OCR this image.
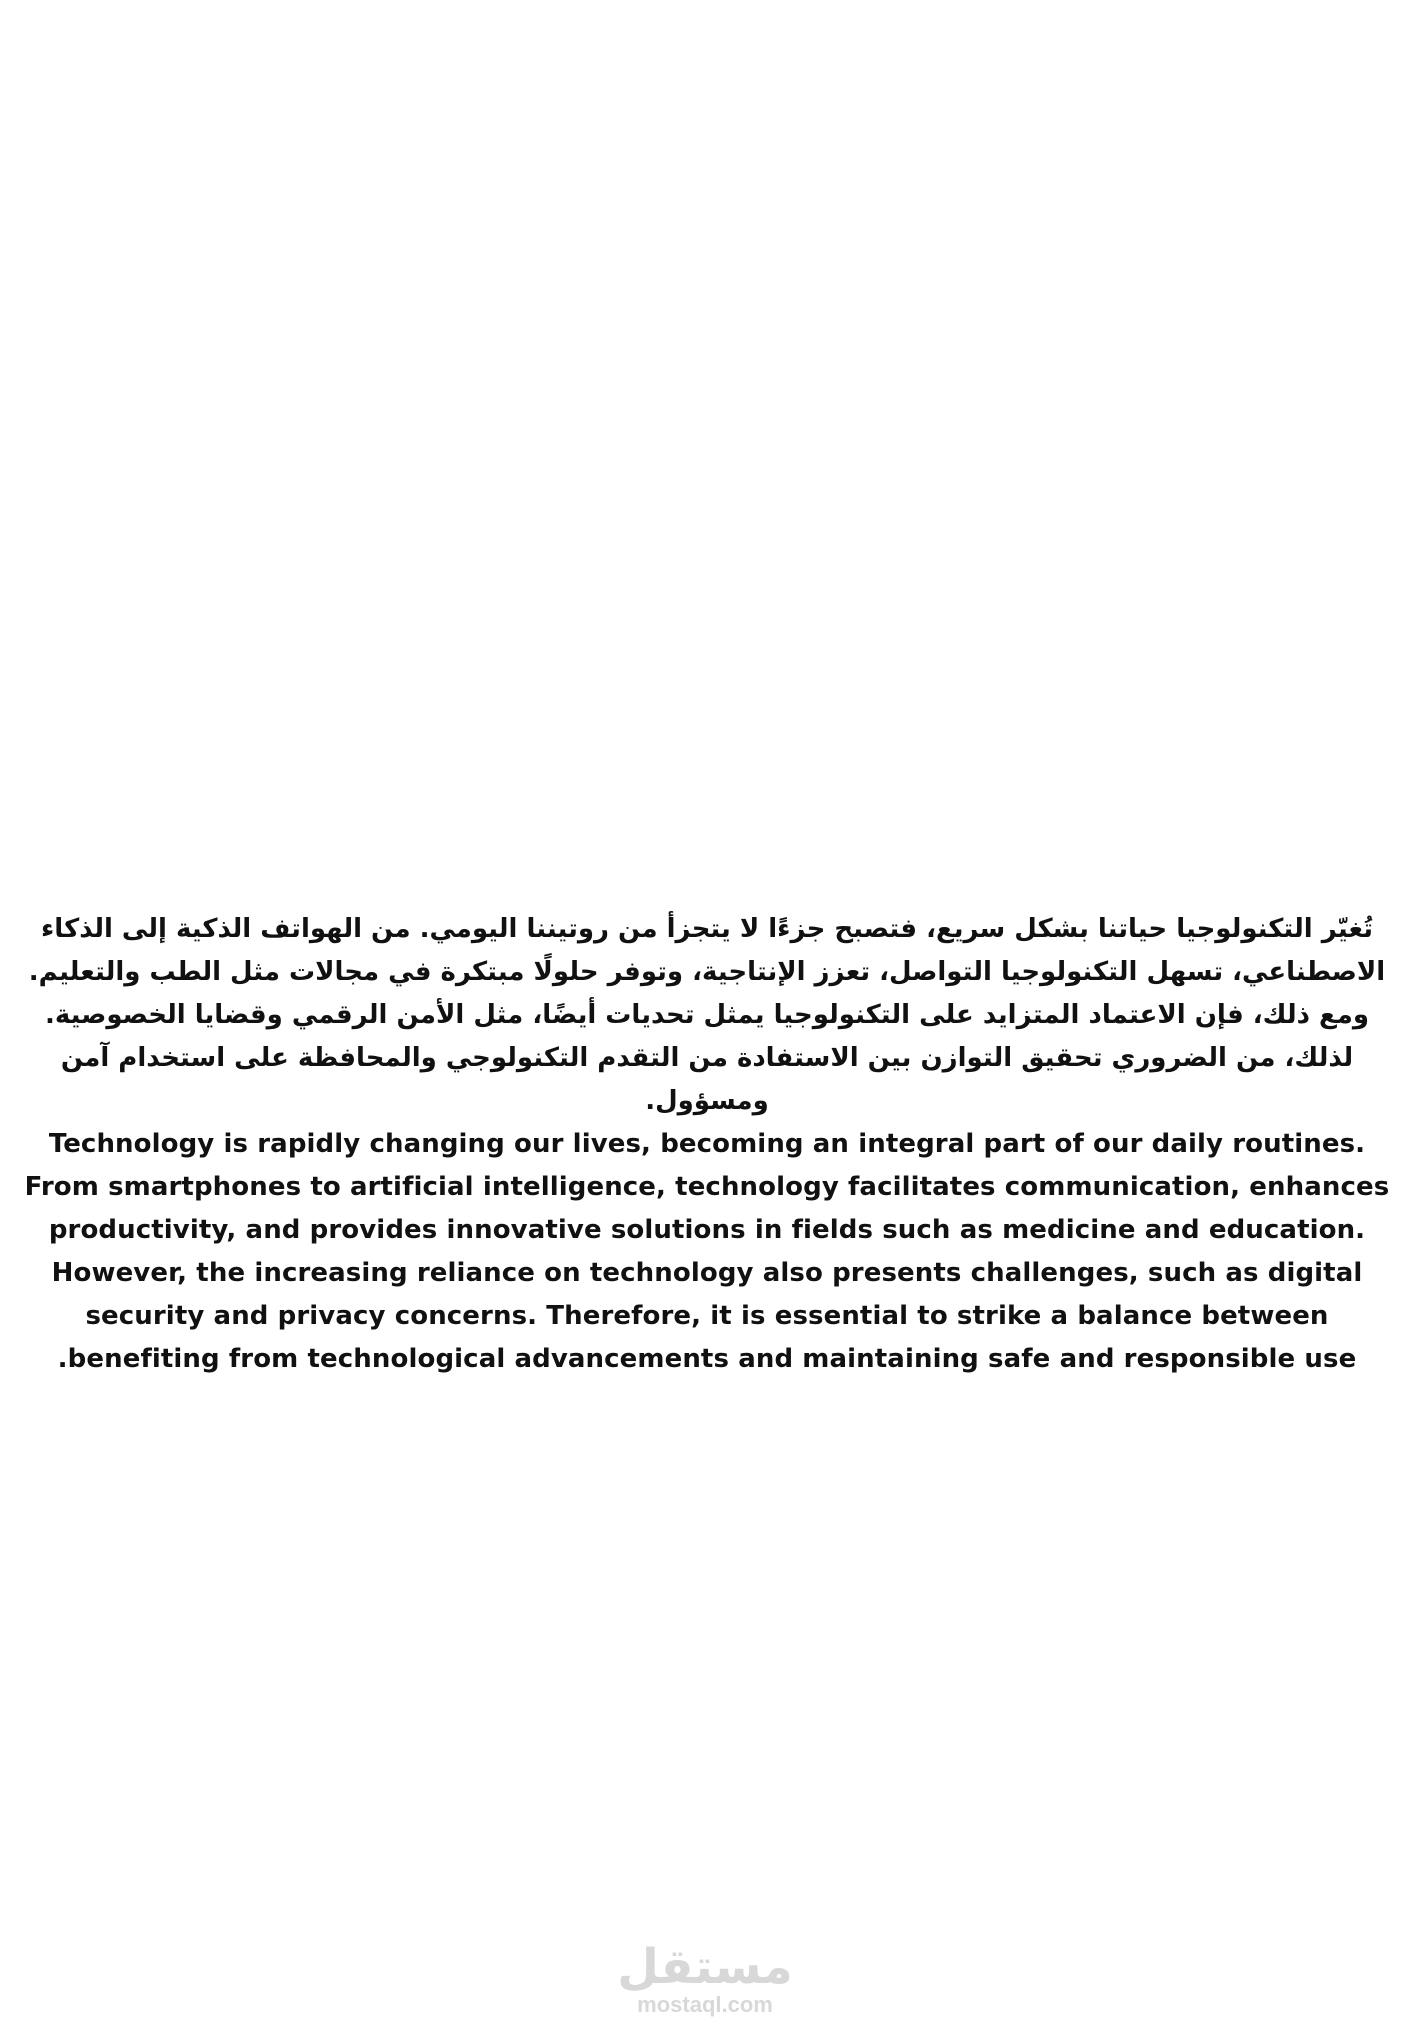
تُغيّر التكنولوجيا حياتنا بشكل سريع، فتصبح جزءًا لا يتجزأ من روتيننا اليومي. من الهواتف الذكية إلى الذكاء الاصطناعي، تسهل التكنولوجيا التواصل، تعزز الإنتاجية، وتوفر حلولًا مبتكرة في مجالات مثل الطب والتعليم. ومع ذلك، فإن الاعتماد المتزايد على التكنولوجيا يمثل تحديات أيضًا، مثل الأمن الرقمي وقضايا الخصوصية. لذلك، من الضروري تحقيق التوازن بين الاستفادة من التقدم التكنولوجي والمحافظة على استخدام آمن ومسؤول.

Technology is rapidly changing our lives, becoming an integral part of our daily routines. From smartphones to artificial intelligence, technology facilitates communication, enhances productivity, and provides innovative solutions in fields such as medicine and education. However, the increasing reliance on technology also presents challenges, such as digital security and privacy concerns. Therefore, it is essential to strike a balance between benefiting from technological advancements and maintaining safe and responsible use.

مستقل
mostaql.com
